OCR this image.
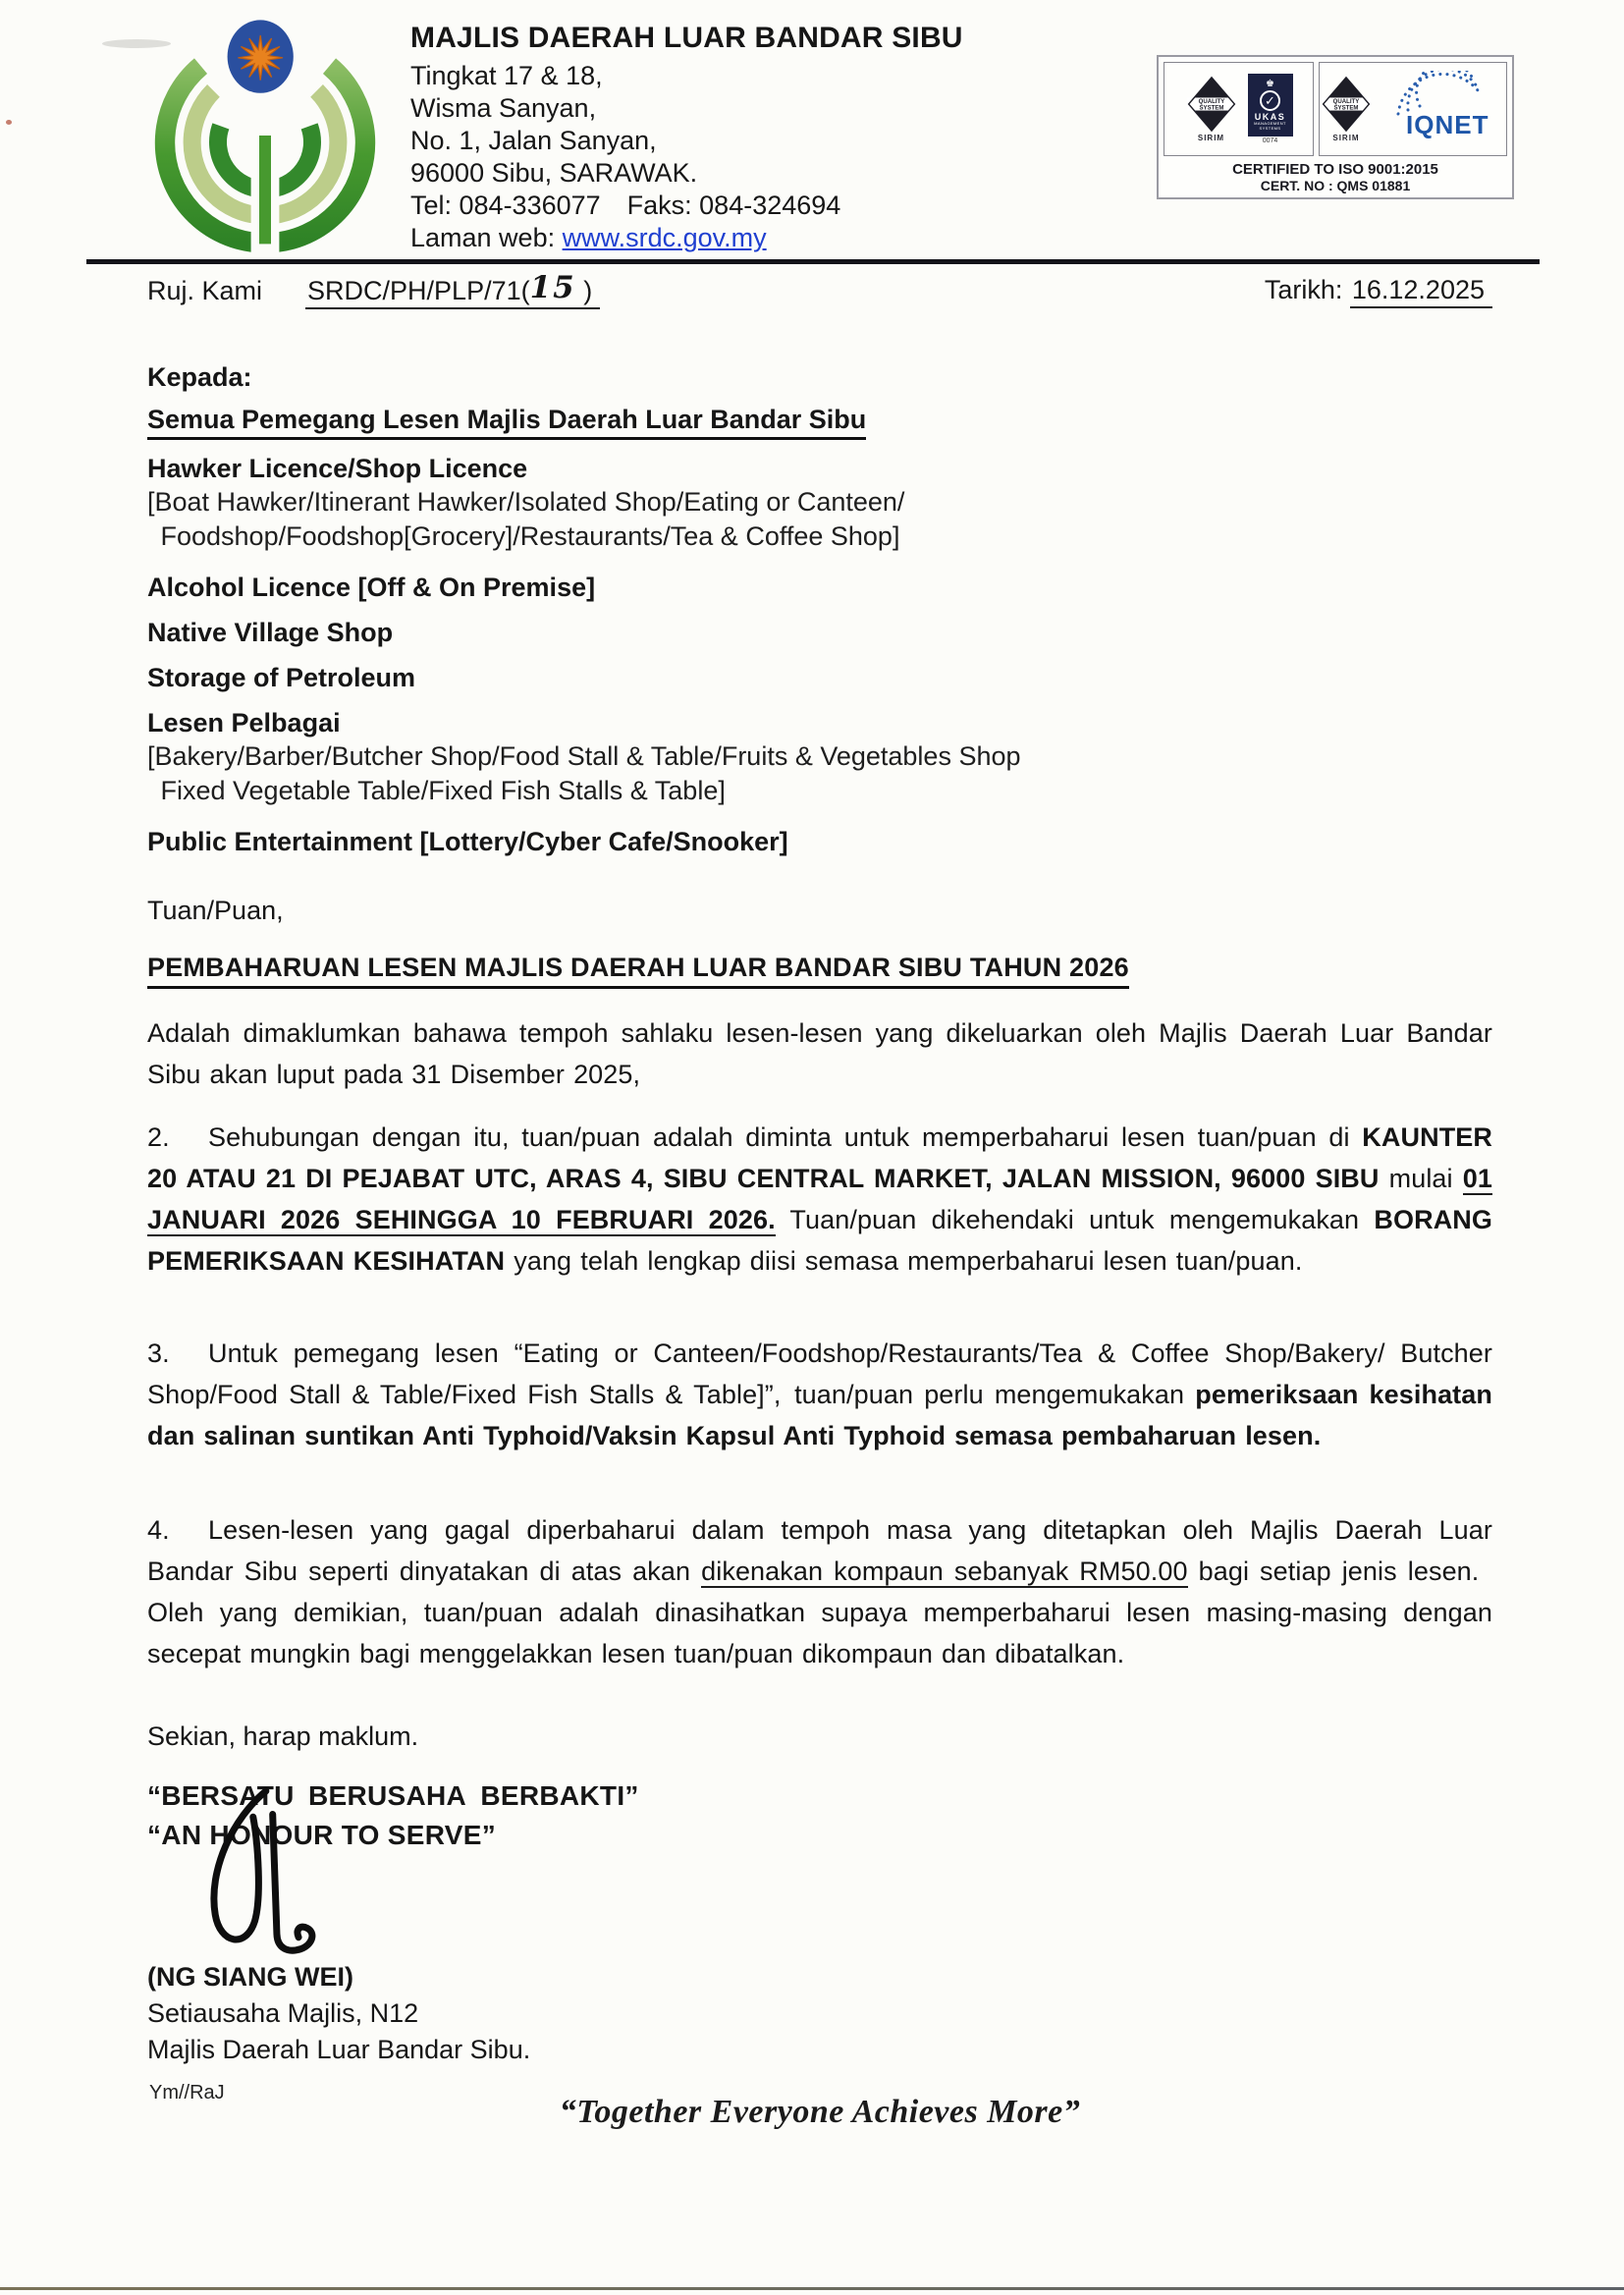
MAJLIS DAERAH LUAR BANDAR SIBU
Tingkat 17 & 18,
Wisma Sanyan,
No. 1, Jalan Sanyan,
96000 Sibu, SARAWAK.
Tel: 084-336077 Faks: 084-324694
Laman web: www.srdc.gov.my
Ruj. Kami SRDC/PH/PLP/71(15 )	Tarikh: 16.12.2025
Kepada:
Semua Pemegang Lesen Majlis Daerah Luar Bandar Sibu
Hawker Licence/Shop Licence
[Boat Hawker/Itinerant Hawker/Isolated Shop/Eating or Canteen/
 Foodshop/Foodshop[Grocery]/Restaurants/Tea & Coffee Shop]
Alcohol Licence [Off & On Premise]
Native Village Shop
Storage of Petroleum
Lesen Pelbagai
[Bakery/Barber/Butcher Shop/Food Stall & Table/Fruits & Vegetables Shop
 Fixed Vegetable Table/Fixed Fish Stalls & Table]
Public Entertainment [Lottery/Cyber Cafe/Snooker]
Tuan/Puan,
PEMBAHARUAN LESEN MAJLIS DAERAH LUAR BANDAR SIBU TAHUN 2026
Adalah dimaklumkan bahawa tempoh sahlaku lesen-lesen yang dikeluarkan oleh Majlis Daerah Luar Bandar Sibu akan luput pada 31 Disember 2025,
2. Sehubungan dengan itu, tuan/puan adalah diminta untuk memperbaharui lesen tuan/puan di KAUNTER 20 ATAU 21 DI PEJABAT UTC, ARAS 4, SIBU CENTRAL MARKET, JALAN MISSION, 96000 SIBU mulai 01 JANUARI 2026 SEHINGGA 10 FEBRUARI 2026. Tuan/puan dikehendaki untuk mengemukakan BORANG PEMERIKSAAN KESIHATAN yang telah lengkap diisi semasa memperbaharui lesen tuan/puan.
3. Untuk pemegang lesen “Eating or Canteen/Foodshop/Restaurants/Tea & Coffee Shop/Bakery/ Butcher Shop/Food Stall & Table/Fixed Fish Stalls & Table]”, tuan/puan perlu mengemukakan pemeriksaan kesihatan dan salinan suntikan Anti Typhoid/Vaksin Kapsul Anti Typhoid semasa pembaharuan lesen.
4. Lesen-lesen yang gagal diperbaharui dalam tempoh masa yang ditetapkan oleh Majlis Daerah Luar Bandar Sibu seperti dinyatakan di atas akan dikenakan kompaun sebanyak RM50.00 bagi setiap jenis lesen. Oleh yang demikian, tuan/puan adalah dinasihatkan supaya memperbaharui lesen masing-masing dengan secepat mungkin bagi menggelakkan lesen tuan/puan dikompaun dan dibatalkan.
Sekian, harap maklum.
“BERSATU BERUSAHA BERBAKTI”
“AN HONOUR TO SERVE”
(NG SIANG WEI)
Setiausaha Majlis, N12
Majlis Daerah Luar Bandar Sibu.
Ym//RaJ
“Together Everyone Achieves More”
QUALITY
SYSTEM
SIRIM
♚
✓
UKAS
MANAGEMENT
SYSTEMS
0074
QUALITY
SYSTEM
SIRIM	IQNET
CERTIFIED TO ISO 9001:2015
CERT. NO : QMS 01881
